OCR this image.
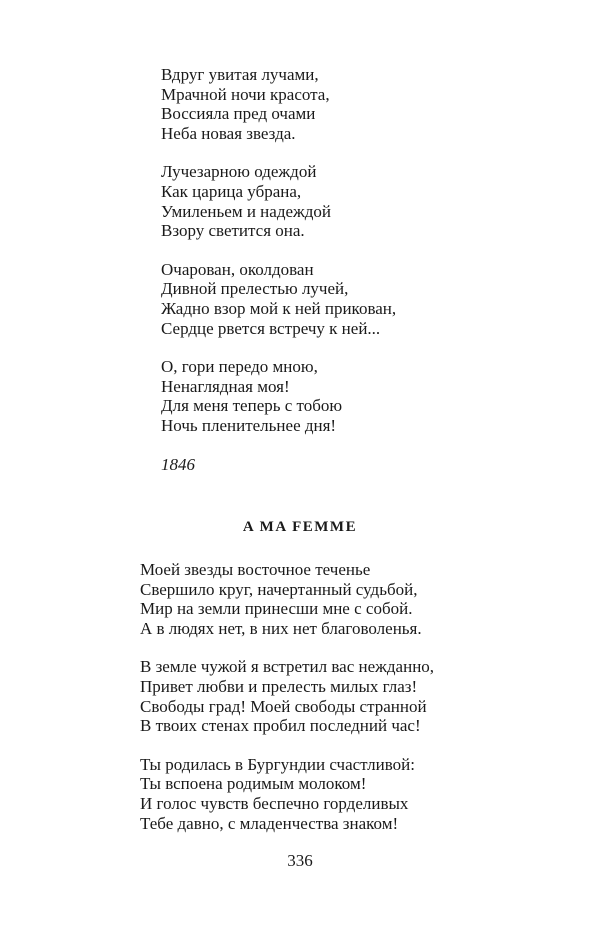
Вдруг увитая лучами,
Мрачной ночи красота,
Воссияла пред очами
Неба новая звезда.
Лучезарною одеждой
Как царица убрана,
Умиленьем и надеждой
Взору светится она.
Очарован, околдован
Дивной прелестью лучей,
Жадно взор мой к ней прикован,
Сердце рвется встречу к ней...
О, гори передо мною,
Ненаглядная моя!
Для меня теперь с тобою
Ночь пленительнее дня!
1846
A MA FEMME
Моей звезды восточное теченье
Свершило круг, начертанный судьбой,
Мир на земли принесши мне с собой.
А в людях нет, в них нет благоволенья.
В земле чужой я встретил вас нежданно,
Привет любви и прелесть милых глаз!
Свободы град! Моей свободы странной
В твоих стенах пробил последний час!
Ты родилась в Бургундии счастливой:
Ты вспоена родимым молоком!
И голос чувств беспечно горделивых
Тебе давно, с младенчества знаком!
336
